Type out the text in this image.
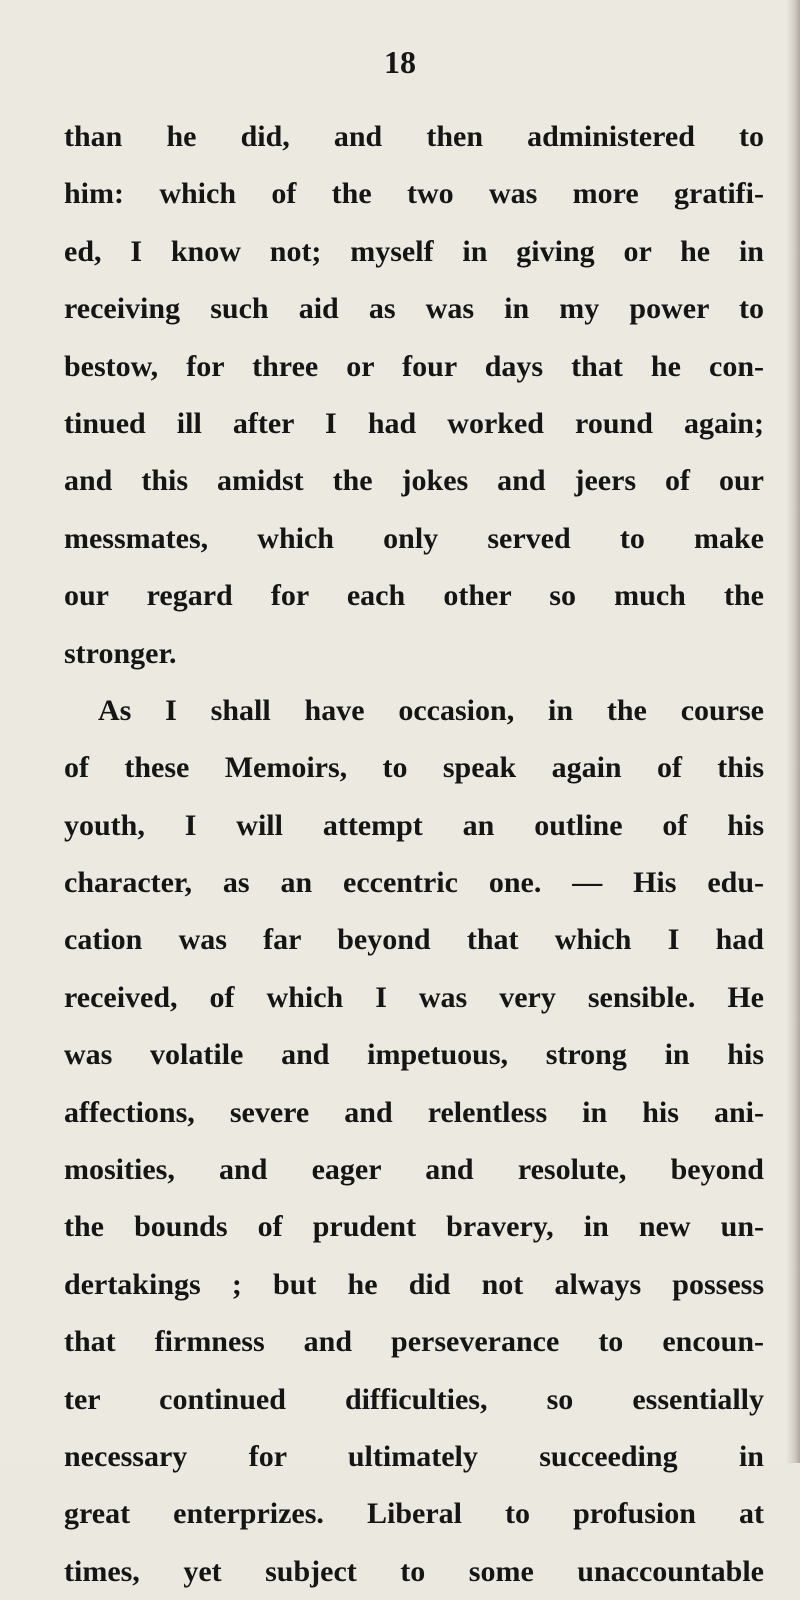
18

than he did, and then administered to
him: which of the two was more gratifi-
ed, I know not; myself in giving or he in
receiving such aid as was in my power to
bestow, for three or four days that he con-
tinued ill after I had worked round again;
and this amidst the jokes and jeers of our
messmates, which only served to make
our regard for each other so much the
stronger.
As I shall have occasion, in the course
of these Memoirs, to speak again of this
youth, I will attempt an outline of his
character, as an eccentric one. — His edu-
cation was far beyond that which I had
received, of which I was very sensible. He
was volatile and impetuous, strong in his
affections, severe and relentless in his ani-
mosities, and eager and resolute, beyond
the bounds of prudent bravery, in new un-
dertakings ; but he did not always possess
that firmness and perseverance to encoun-
ter continued difficulties, so essentially
necessary for ultimately succeeding in
great enterprizes. Liberal to profusion at
times, yet subject to some unaccountable
